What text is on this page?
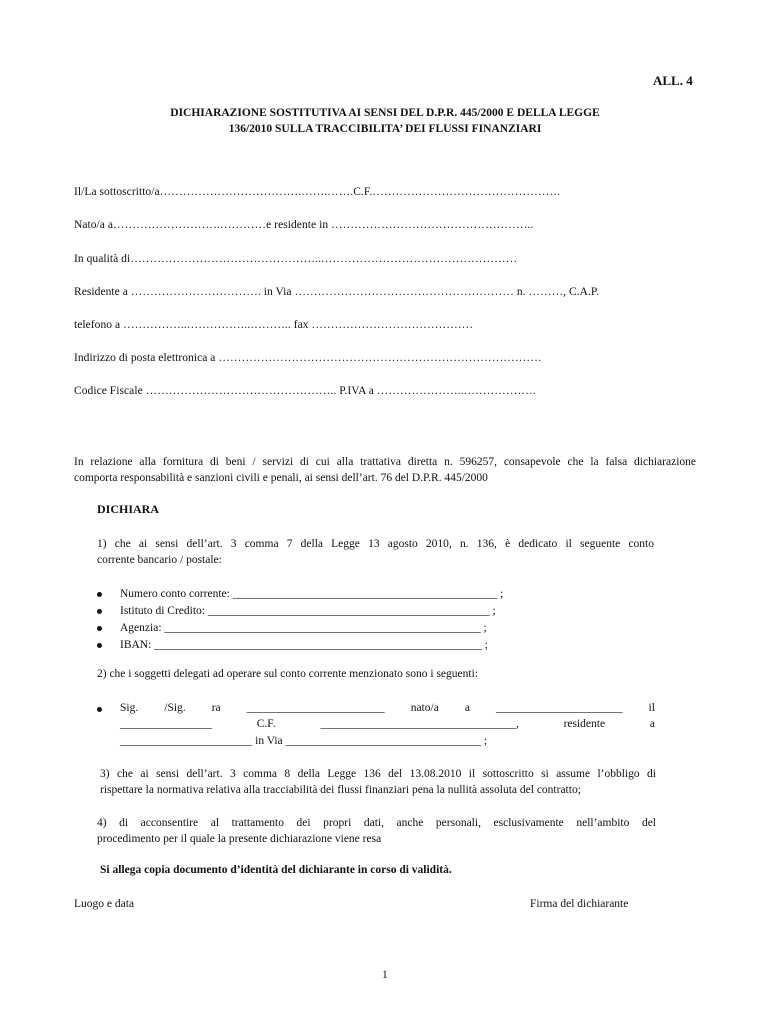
ALL. 4
DICHIARAZIONE SOSTITUTIVA AI SENSI DEL D.P.R. 445/2000 E DELLA LEGGE
136/2010 SULLA TRACCIBILITA’ DEI FLUSSI FINANZIARI
Il/La sottoscritto/a……………………………….…….…….C.F.………………………………………….
Nato/a a……………………….…………e residente in ……………………………………………..
In qualità di…………………………………………..……………………………………………
Residente a ……………………………. in Via ………………………………………………… n. ………, C.A.P.
telefono a ……………..……………..……….. fax ……………………………………
Indirizzo di posta elettronica a …………………………………………………………………………
Codice Fiscale ………………………………………….. P.IVA a …………………..……………….
In relazione alla fornitura di beni / servizi di cui alla trattativa diretta n. 596257, consapevole che la falsa dichiarazione
comporta responsabilità e sanzioni civili e penali, ai sensi dell’art. 76 del D.P.R. 445/2000
DICHIARA
1) che ai sensi dell’art. 3 comma 7 della Legge 13 agosto 2010, n. 136, è dedicato il seguente conto
corrente bancario / postale:
Numero conto corrente: ______________________________________________ ;
Istituto di Credito: _________________________________________________ ;
Agenzia: _______________________________________________________ ;
IBAN: _________________________________________________________ ;
2) che i soggetti delegati ad operare sul conto corrente menzionato sono i seguenti:
Sig. /Sig. ra ________________________ nato/a a ______________________ il
________________	C.F.	__________________________________,	residente	a
_______________________ in Via __________________________________ ;
3) che ai sensi dell’art. 3 comma 8 della Legge 136 del 13.08.2010 il sottoscritto si assume l’obbligo di
rispettare la normativa relativa alla tracciabilità dei flussi finanziari pena la nullità assoluta del contratto;
4) di acconsentire al trattamento dei propri dati, anche personali, esclusivamente nell’ambito del
procedimento per il quale la presente dichiarazione viene resa
Si allega copia documento d’identità del dichiarante in corso di validità.
Luogo e data	Firma del dichiarante
1
